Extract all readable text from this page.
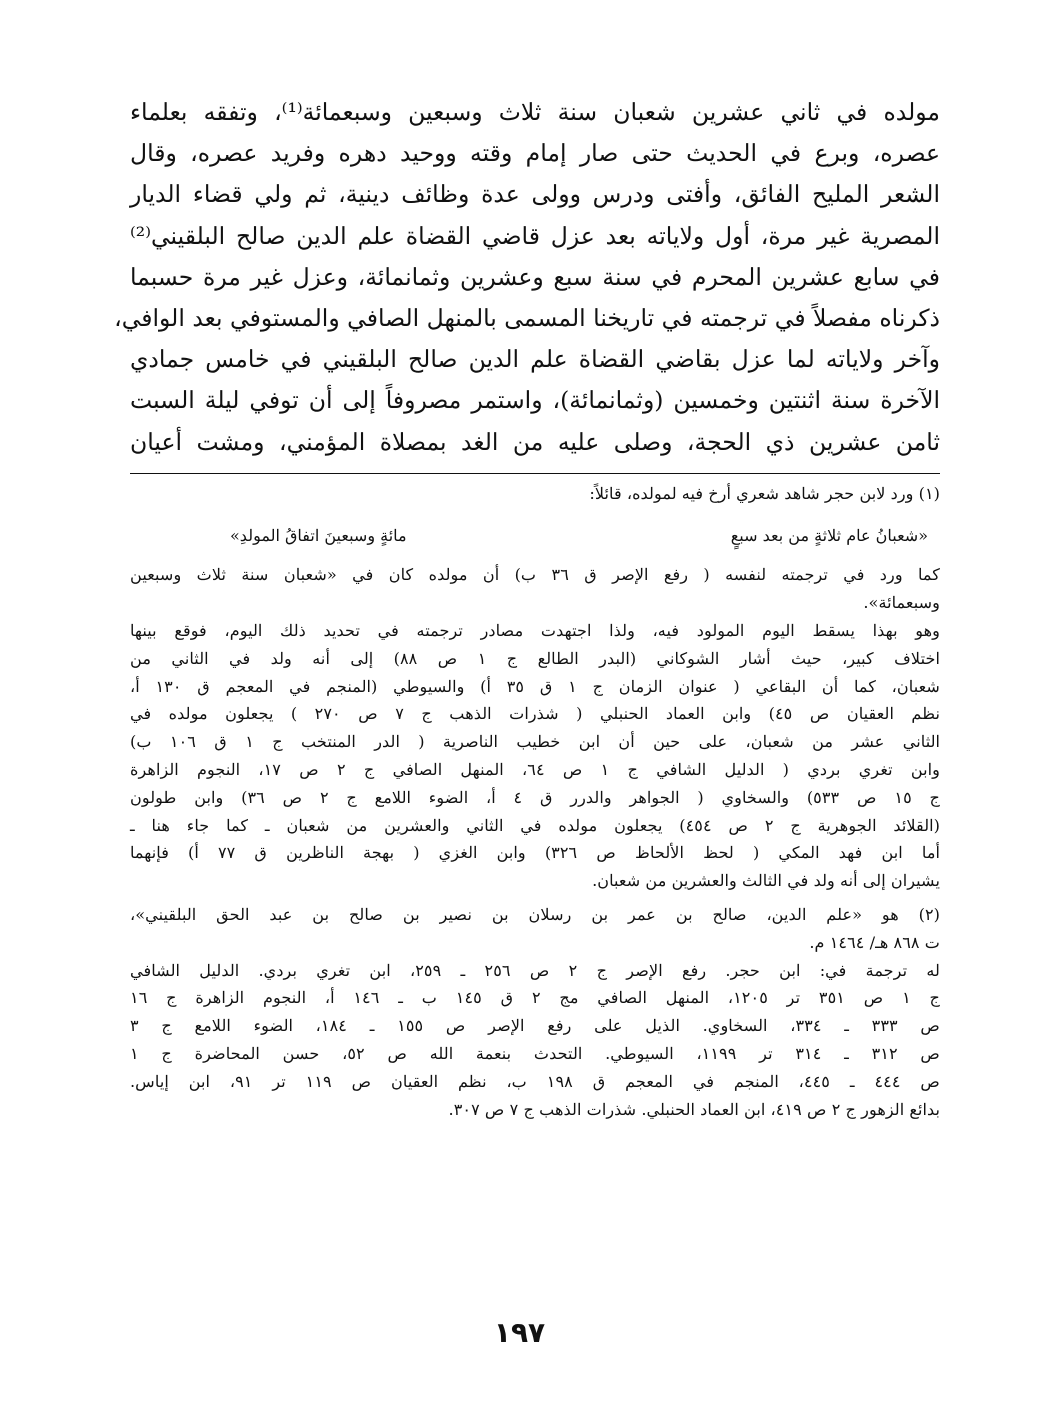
مولده في ثاني عشرين شعبان سنة ثلاث وسبعين وسبعمائة⁽¹⁾، وتفقه بعلماء
عصره، وبرع في الحديث حتى صار إمام وقته ووحيد دهره وفريد عصره، وقال
الشعر المليح الفائق، وأفتى ودرس وولى عدة وظائف دينية، ثم ولي قضاء الديار
المصرية غير مرة، أول ولاياته بعد عزل قاضي القضاة علم الدين صالح البلقيني⁽²⁾
في سابع عشرين المحرم في سنة سبع وعشرين وثمانمائة، وعزل غير مرة حسبما
ذكرناه مفصلاً في ترجمته في تاريخنا المسمى بالمنهل الصافي والمستوفي بعد الوافي،
وآخر ولاياته لما عزل بقاضي القضاة علم الدين صالح البلقيني في خامس جمادي
الآخرة سنة اثنتين وخمسين (وثمانمائة)، واستمر مصروفاً إلى أن توفي ليلة السبت
ثامن عشرين ذي الحجة، وصلى عليه من الغد بمصلاة المؤمني، ومشت أعيان
(١) ورد لابن حجر شاهد شعري أرخ فيه لمولده، قائلاً:
«شعبانُ عام ثلاثةٍ من بعد سبعٍ
مائةٍ وسبعينَ اتفاقُ المولدِ»
كما ورد في ترجمته لنفسه ( رفع الإصر ق ٣٦ ب) أن مولده كان في «شعبان سنة ثلاث وسبعين
وسبعمائة».
وهو بهذا يسقط اليوم المولود فيه، ولذا اجتهدت مصادر ترجمته في تحديد ذلك اليوم، فوقع بينها
اختلاف كبير، حيث أشار الشوكاني (البدر الطالع ج ١ ص ٨٨) إلى أنه ولد في الثاني من
شعبان، كما أن البقاعي ( عنوان الزمان ج ١ ق ٣٥ أ) والسيوطي (المنجم في المعجم ق ١٣٠ أ،
نظم العقيان ص ٤٥) وابن العماد الحنبلي ( شذرات الذهب ج ٧ ص ٢٧٠ ) يجعلون مولده في
الثاني عشر من شعبان، على حين أن ابن خطيب الناصرية ( الدر المنتخب ج ١ ق ١٠٦ ب)
وابن تغري بردي ( الدليل الشافي ج ١ ص ٦٤، المنهل الصافي ج ٢ ص ١٧، النجوم الزاهرة
ج ١٥ ص ٥٣٣) والسخاوي ( الجواهر والدرر ق ٤ أ، الضوء اللامع ج ٢ ص ٣٦) وابن طولون
(القلائد الجوهرية ج ٢ ص ٤٥٤) يجعلون مولده في الثاني والعشرين من شعبان ـ كما جاء هنا ـ
أما ابن فهد المكي ( لحظ الألحاظ ص ٣٢٦) وابن الغزي ( بهجة الناظرين ق ٧٧ أ) فإنهما
يشيران إلى أنه ولد في الثالث والعشرين من شعبان.
(٢) هو «علم الدين، صالح بن عمر بن رسلان بن نصير بن صالح بن عبد الحق البلقيني»،
ت ٨٦٨ هـ/ ١٤٦٤ م.
له ترجمة في: ابن حجر. رفع الإصر ج ٢ ص ٢٥٦ ـ ٢٥٩، ابن تغري بردي. الدليل الشافي
ج ١ ص ٣٥١ تر ١٢٠٥، المنهل الصافي مج ٢ ق ١٤٥ ب ـ ١٤٦ أ، النجوم الزاهرة ج ١٦
ص ٣٣٣ ـ ٣٣٤، السخاوي. الذيل على رفع الإصر ص ١٥٥ ـ ١٨٤، الضوء اللامع ج ٣
ص ٣١٢ ـ ٣١٤ تر ١١٩٩، السيوطي. التحدث بنعمة الله ص ٥٢، حسن المحاضرة ج ١
ص ٤٤٤ ـ ٤٤٥، المنجم في المعجم ق ١٩٨ ب، نظم العقيان ص ١١٩ تر ٩١، ابن إياس.
بدائع الزهور ج ٢ ص ٤١٩، ابن العماد الحنبلي. شذرات الذهب ج ٧ ص ٣٠٧.
١٩٧
